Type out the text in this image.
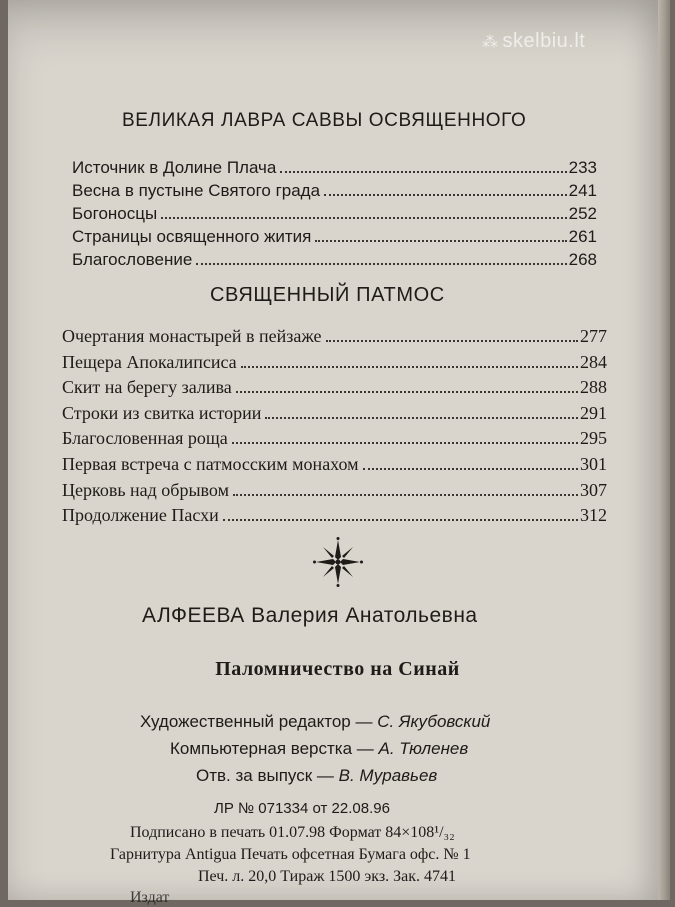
⁂ skelbiu.lt
ВЕЛИКАЯ ЛАВРА САВВЫ ОСВЯЩЕННОГО
Источник в Долине Плача	233
Весна в пустыне Святого града	241
Богоносцы	252
Страницы освященного жития	261
Благословение	268
СВЯЩЕННЫЙ ПАТМОС
Очертания монастырей в пейзаже	277
Пещера Апокалипсиса	284
Скит на берегу залива	288
Строки из свитка истории	291
Благословенная роща	295
Первая встреча с патмосским монахом	301
Церковь над обрывом	307
Продолжение Пасхи	312
АЛФЕЕВА Валерия Анатольевна
Паломничество на Синай
Художественный редактор — С. Якубовский
Компьютерная верстка — А. Тюленев
Отв. за выпуск — В. Муравьев
ЛР № 071334 от 22.08.96
Подписано в печать 01.07.98 Формат 84×108¹/₃₂
Гарнитура Antigua Печать офсетная Бумага офс. № 1
Печ. л. 20,0 Тираж 1500 экз. Зак. 4741
Издат
